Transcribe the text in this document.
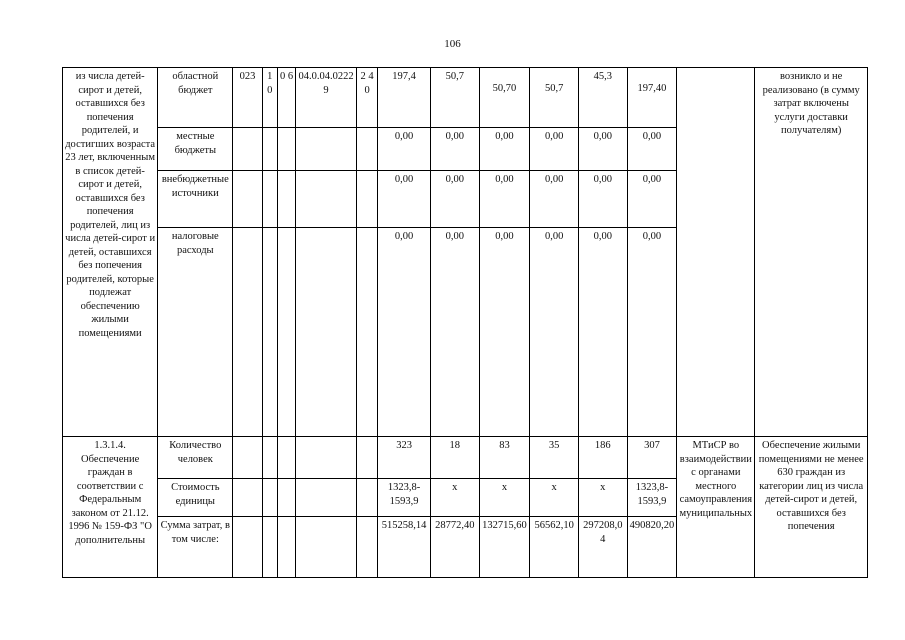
106
из числа детей-сирот и детей, оставшихся без попечения родителей, и достигших возраста 23 лет, включенным в список детей-сирот и детей, оставшихся без попечения родителей, лиц из числа детей-сирот и детей, оставшихся без попечения родителей, которые подлежат обеспечению жилыми помещениями	областной бюджет	023	1 0	0 6	04.0.04.02229	2 4 0	197,4	50,7	50,70	50,7	45,3	197,40		возникло и не реализовано (в сумму затрат включены услуги доставки получателям)
	местные бюджеты						0,00	0,00	0,00	0,00	0,00	0,00		
	внебюджетные источники						0,00	0,00	0,00	0,00	0,00	0,00		
	налоговые расходы						0,00	0,00	0,00	0,00	0,00	0,00		
1.3.1.4. Обеспечение граждан в соответствии с Федеральным законом от 21.12. 1996 № 159-ФЗ "О дополнительны	Количество человек						323	18	83	35	186	307	МТиСР во взаимодействии с органами местного самоуправления муниципальных	Обеспечение жилыми помещениями не менее 630 граждан из категории лиц из числа детей-сирот и детей, оставшихся без попечения
	Стоимость единицы						1323,8-1593,9	х	х	х	х	1323,8-1593,9		
	Сумма затрат, в том числе:						515258,14	28772,40	132715,60	56562,10	297208,04	490820,20		
